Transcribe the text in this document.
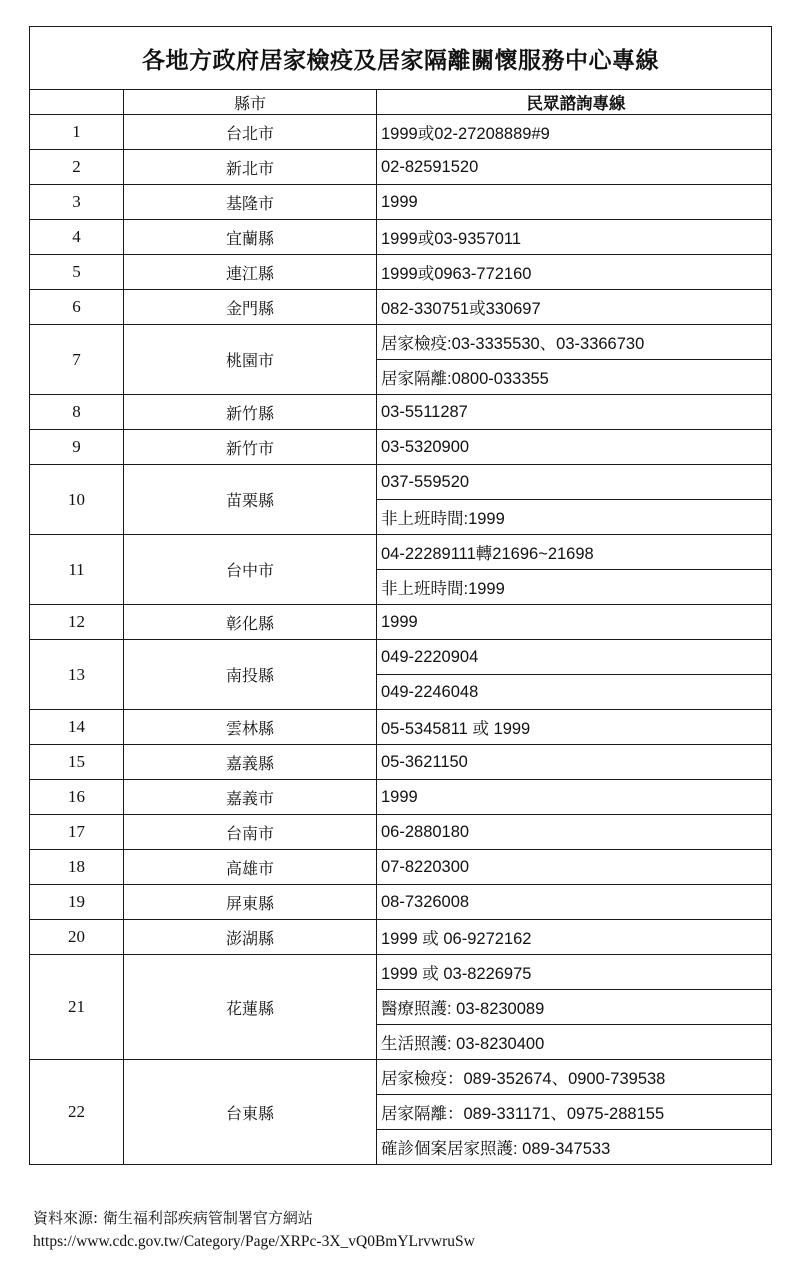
各地方政府居家檢疫及居家隔離關懷服務中心專線		
	縣市	民眾諮詢專線
1	台北市	1999或02-27208889#9
2	新北市	02-82591520
3	基隆市	1999
4	宜蘭縣	1999或03-9357011
5	連江縣	1999或0963-772160
6	金門縣	082-330751或330697
7	桃園市	居家檢疫:03-3335530、03-3366730
		居家隔離:0800-033355
8	新竹縣	03-5511287
9	新竹市	03-5320900
10	苗栗縣	037-559520
		非上班時間:1999
11	台中市	04-22289111轉21696~21698
		非上班時間:1999
12	彰化縣	1999
13	南投縣	049-2220904
		049-2246048
14	雲林縣	05-5345811 或 1999
15	嘉義縣	05-3621150
16	嘉義市	1999
17	台南市	06-2880180
18	高雄市	07-8220300
19	屏東縣	08-7326008
20	澎湖縣	1999 或 06-9272162
21	花蓮縣	1999 或 03-8226975
		醫療照護: 03-8230089
		生活照護: 03-8230400
22	台東縣	居家檢疫：089-352674、0900-739538
		居家隔離：089-331171、0975-288155
		確診個案居家照護: 089-347533
資料來源: 衛生福利部疾病管制署官方網站
https://www.cdc.gov.tw/Category/Page/XRPc-3X_vQ0BmYLrvwruSw
